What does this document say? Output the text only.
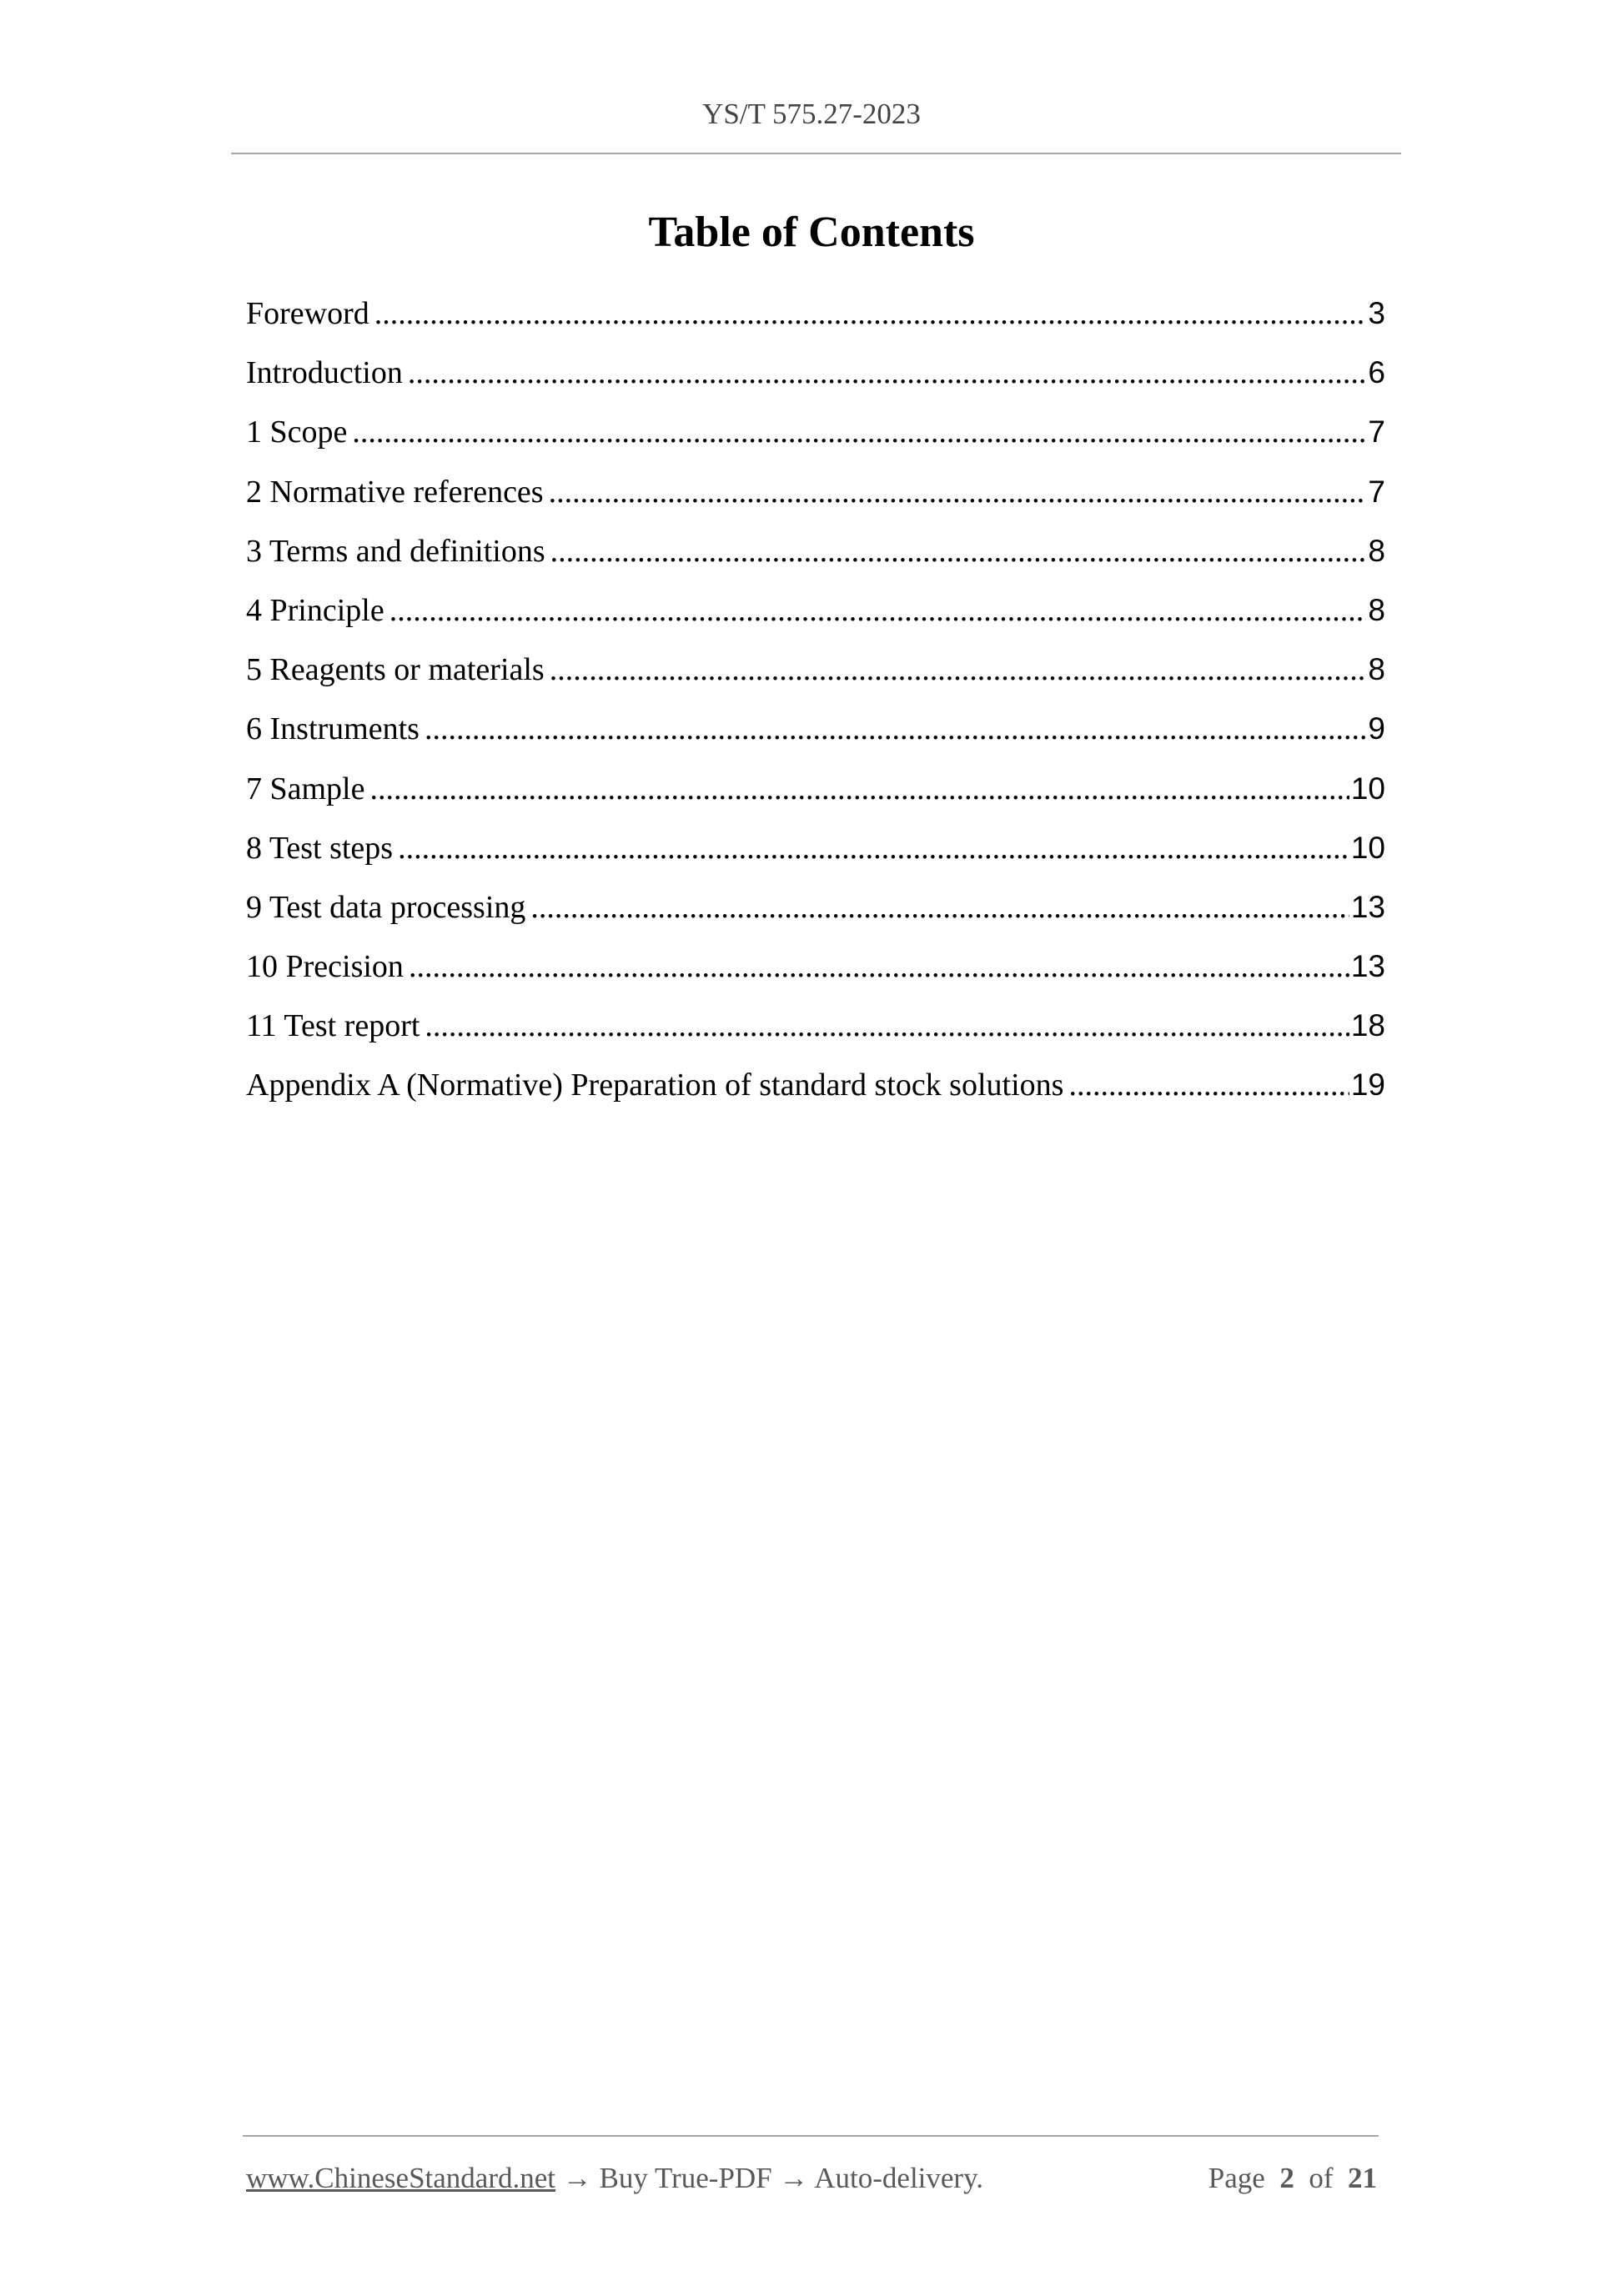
YS/T 575.27-2023
Table of Contents
Foreword .....	3
Introduction .....	6
1 Scope .....	7
2 Normative references .....	7
3 Terms and definitions .....	8
4 Principle .....	8
5 Reagents or materials .....	8
6 Instruments .....	9
7 Sample .....	10
8 Test steps .....	10
9 Test data processing .....	13
10 Precision .....	13
11 Test report .....	18
Appendix A (Normative) Preparation of standard stock solutions .....	19
www.ChineseStandard.net → Buy True-PDF → Auto-delivery.	Page 2 of 21
